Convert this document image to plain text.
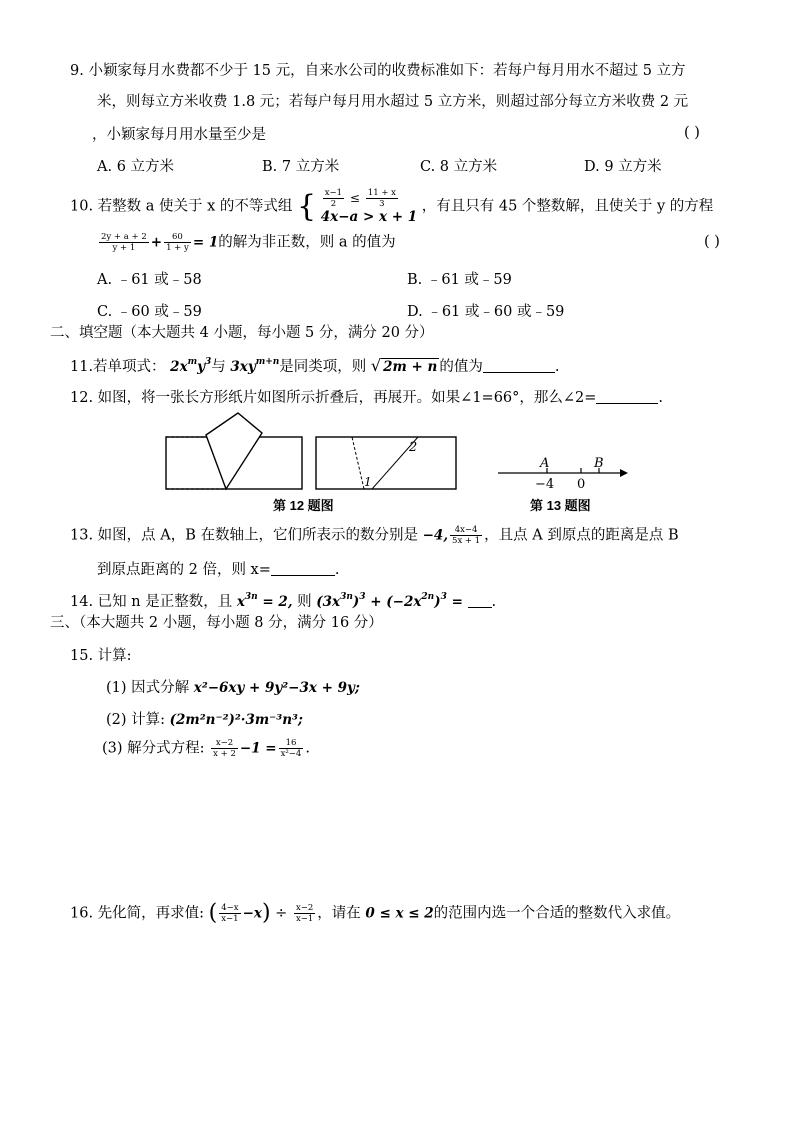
9. 小颖家每月水费都不少于 15 元，自来水公司的收费标准如下：若每户每月用水不超过 5 立方
米，则每立方米收费 1.8 元；若每户每月用水超过 5 立方米，则超过部分每立方米收费 2 元
，小颖家每月用水量至少是	( )
A. 6 立方米	B. 7 立方米	C. 8 立方米	D. 9 立方米
10. 若整数 a 使关于 x 的不等式组 { $\frac{x-1}{2} \le \frac{11 + x}{3}$
4x−a > x + 1
，有且只有 45 个整数解，且使关于 y 的方程
$\frac{2y + a + 2}{y + 1} + \frac{60}{1 + y} = 1$的解为非正数，则 a 的值为	( )
A. ﹣61 或﹣58	B. ﹣61 或﹣59
C. ﹣60 或﹣59	D. ﹣61 或﹣60 或﹣59
二、填空题（本大题共 4 小题，每小题 5 分，满分 20 分）
11.若单项式： $2x^my^3$与 $3xy^{m+n}$是同类项，则 √ 2m + n 的值为	.
12. 如图，将一张长方形纸片如图所示折叠后，再展开。如果∠1=66°，那么∠2=	.
2
1
第 12 题图
A	B
−4 0
第 13 题图
13. 如图，点 A，B 在数轴上，它们所表示的数分别是 −4, $\frac{4x-4}{5x + 1}$ ，且点 A 到原点的距离是点 B
到原点距离的 2 倍，则 x=	.
14. 已知 n 是正整数，且 $x^{3n} = 2$, 则 $(3x^{3n})^3 + (-2x^{2n})^3$ = .
三、（本大题共 2 小题，每小题 8 分，满分 16 分）
15. 计算:
(1) 因式分解 x²−6xy + 9y²−3x + 9y;
(2) 计算: (2m²n⁻²)²·3m⁻³n³;
(3) 解分式方程: $\frac{x-2}{x + 2} -1 = \frac{16}{\text{x²−4}}$ .
16. 先化简，再求值: ( $\frac{4-x}{x-1} -x) \div \frac{x-2}{x-1}$ ，请在 0 ≤ x ≤ 2的范围内选一个合适的整数代入求值。
